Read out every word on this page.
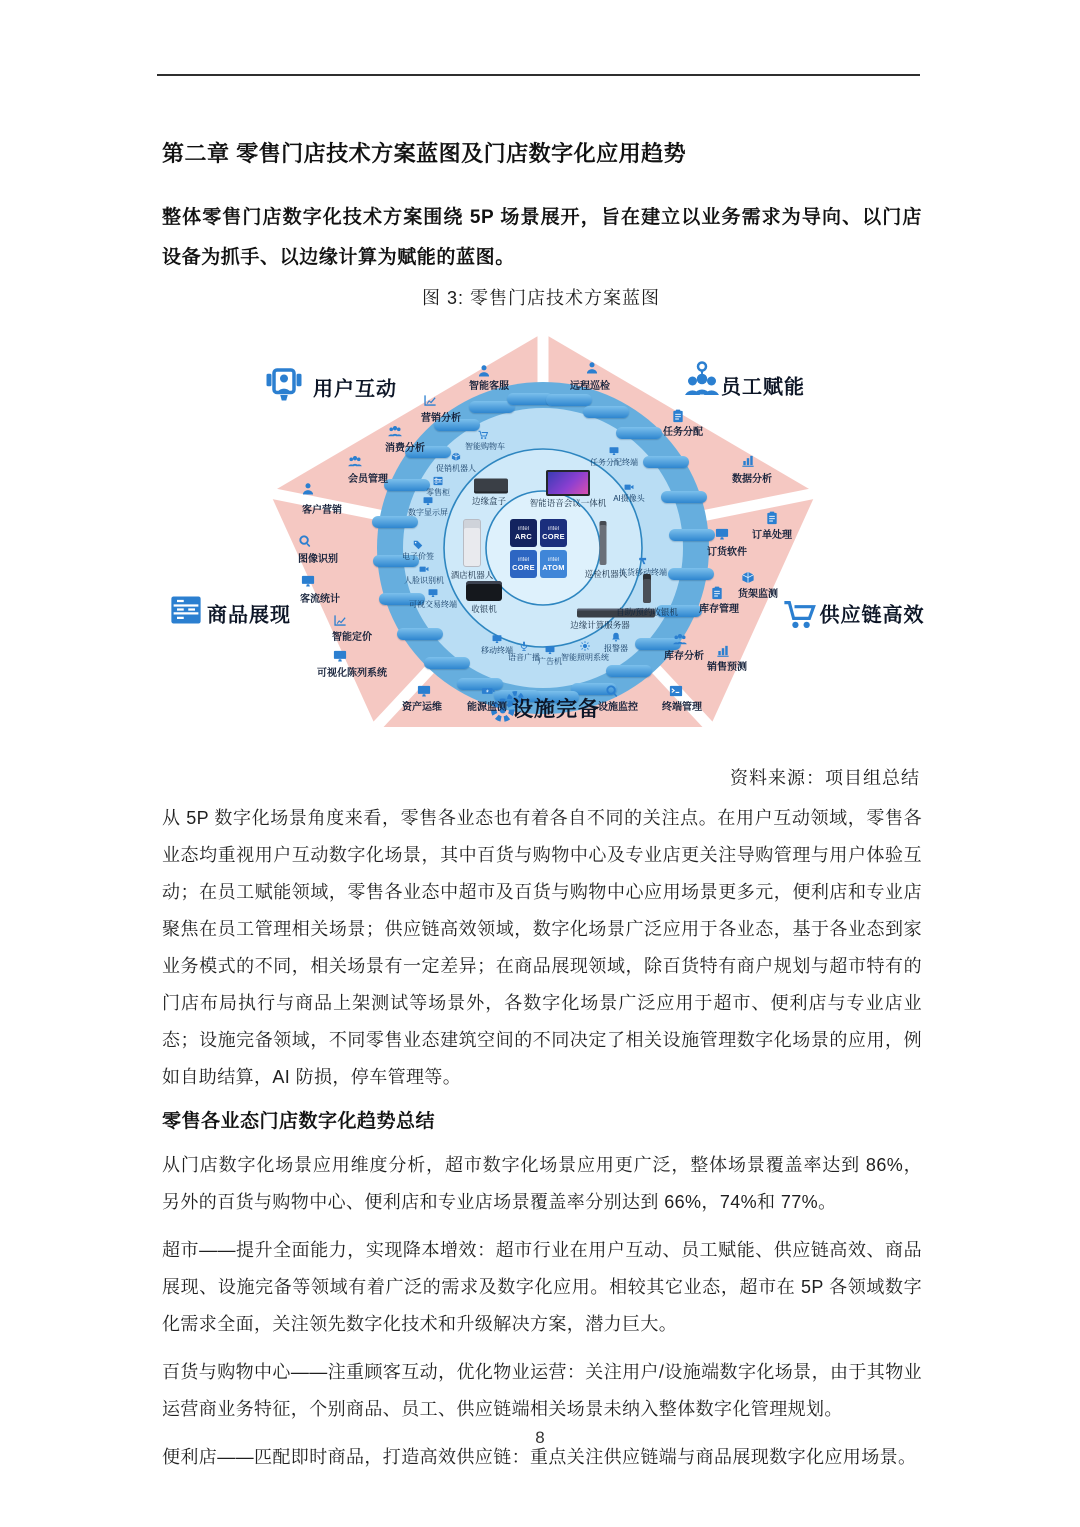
第二章 零售门店技术方案蓝图及门店数字化应用趋势
整体零售门店数字化技术方案围绕 5P 场景展开，旨在建立以业务需求为导向、以门店设备为抓手、以边缘计算为赋能的蓝图。
图 3: 零售门店技术方案蓝图
用户互动	员工赋能
商品展现	供应链高效
设施完备
智能客服
营销分析
消费分析
会员管理
客户营销
图像识别
客流统计
智能定价
可视化陈列系统
资产运维	能源监测	设施监控 终端管理
库存分析
销售预测
库存管理
货架监测
订货软件
订单处理
数据分析
任务分配
远程巡检
智能购物车
促销机器人
零售柜
数字显示屏
电子价签
人脸识别机
可视交易终端
移动终端
语音广播
广告机 智能照明系统
报警器
任务分配终端
AI摄像头
拣货移动终端
边缘盒子	智能语音会议一体机
酒店机器人	巡检机器人
收银机
边缘计算服务器
自助/预约收银机
intel
ARC
intel
CORE
intel
CORE
intel
ATOM
资料来源：项目组总结

从 5P 数字化场景角度来看，零售各业态也有着各自不同的关注点。在用户互动领域，零售各业态均重视用户互动数字化场景，其中百货与购物中心及专业店更关注导购管理与用户体验互动；在员工赋能领域，零售各业态中超市及百货与购物中心应用场景更多元，便利店和专业店聚焦在员工管理相关场景；供应链高效领域，数字化场景广泛应用于各业态，基于各业态到家业务模式的不同，相关场景有一定差异；在商品展现领域，除百货特有商户规划与超市特有的门店布局执行与商品上架测试等场景外，各数字化场景广泛应用于超市、便利店与专业店业态；设施完备领域，不同零售业态建筑空间的不同决定了相关设施管理数字化场景的应用，例如自助结算，AI 防损，停车管理等。

零售各业态门店数字化趋势总结

从门店数字化场景应用维度分析，超市数字化场景应用更广泛，整体场景覆盖率达到 86%，另外的百货与购物中心、便利店和专业店场景覆盖率分别达到 66%，74%和 77%。

超市——提升全面能力，实现降本增效：超市行业在用户互动、员工赋能、供应链高效、商品展现、设施完备等领域有着广泛的需求及数字化应用。相较其它业态，超市在 5P 各领域数字化需求全面，关注领先数字化技术和升级解决方案，潜力巨大。

百货与购物中心——注重顾客互动，优化物业运营：关注用户/设施端数字化场景，由于其物业运营商业务特征，个别商品、员工、供应链端相关场景未纳入整体数字化管理规划。

便利店——匹配即时商品，打造高效供应链：重点关注供应链端与商品展现数字化应用场景。

8
